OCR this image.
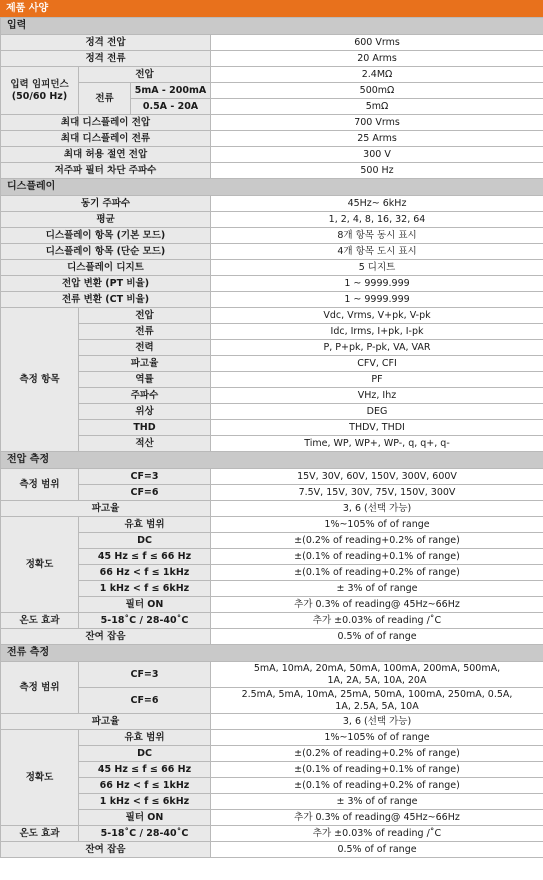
제품 사양
입력			
정격 전압			600 Vrms
정격 전류			20 Arms
입력 임피던스
(50/60 Hz)	전압		2.4MΩ
	전류	5mA - 200mA	500mΩ
		0.5A - 20A	5mΩ
최대 디스플레이 전압			700 Vrms
최대 디스플레이 전류			25 Arms
최대 허용 절연 전압			300 V
저주파 필터 차단 주파수			500 Hz
디스플레이			
동기 주파수			45Hz~ 6kHz
평균			1, 2, 4, 8, 16, 32, 64
디스플레이 항목 (기본 모드)			8개 항목 동시 표시
디스플레이 항목 (단순 모드)			4개 항목 도시 표시
디스플레이 디지트			5 디지트
전압 변환 (PT 비율)			1 ~ 9999.999
전류 변환 (CT 비율)			1 ~ 9999.999
측정 항목	전압		Vdc, Vrms, V+pk, V-pk
	전류		Idc, Irms, I+pk, I-pk
	전력		P, P+pk, P-pk, VA, VAR
	파고율		CFV, CFI
	역률		PF
	주파수		VHz, Ihz
	위상		DEG
	THD		THDV, THDI
	적산		Time, WP, WP+, WP-, q, q+, q-
전압 측정			
측정 범위	CF=3		15V, 30V, 60V, 150V, 300V, 600V
	CF=6		7.5V, 15V, 30V, 75V, 150V, 300V
파고율			3, 6 (선택 가능)
정확도	유효 범위		1%~105% of of range
	DC		±(0.2% of reading+0.2% of range)
	45 Hz ≤ f ≤ 66 Hz		±(0.1% of reading+0.1% of range)
	66 Hz < f ≤ 1kHz		±(0.1% of reading+0.2% of range)
	1 kHz < f ≤ 6kHz		± 3% of of range
	필터 ON		추가 0.3% of reading@ 45Hz~66Hz
온도 효과	5-18˚C / 28-40˚C		추가 ±0.03% of reading /˚C
잔여 잡음			0.5% of of range
전류 측정			
측정 범위	CF=3		5mA, 10mA, 20mA, 50mA, 100mA, 200mA, 500mA,
1A, 2A, 5A, 10A, 20A
	CF=6		2.5mA, 5mA, 10mA, 25mA, 50mA, 100mA, 250mA, 0.5A,
1A, 2.5A, 5A, 10A
파고율			3, 6 (선택 가능)
정확도	유효 범위		1%~105% of of range
	DC		±(0.2% of reading+0.2% of range)
	45 Hz ≤ f ≤ 66 Hz		±(0.1% of reading+0.1% of range)
	66 Hz < f ≤ 1kHz		±(0.1% of reading+0.2% of range)
	1 kHz < f ≤ 6kHz		± 3% of of range
	필터 ON		추가 0.3% of reading@ 45Hz~66Hz
온도 효과	5-18˚C / 28-40˚C		추가 ±0.03% of reading /˚C
잔여 잡음			0.5% of of range
